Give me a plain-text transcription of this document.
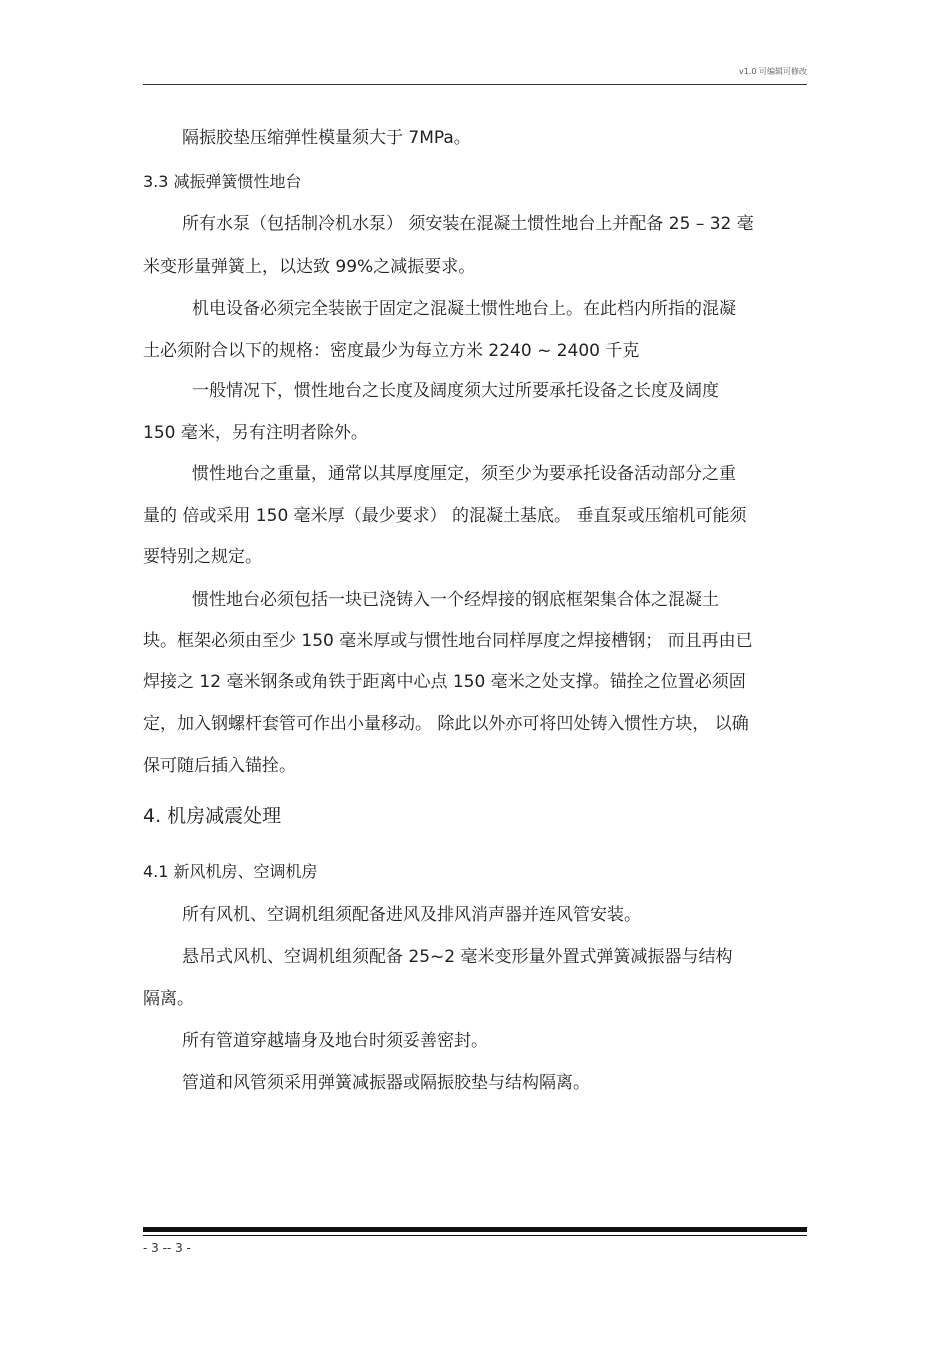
v1.0 可编辑可修改
隔振胶垫压缩弹性模量须大于 7MPa。
3.3 减振弹簧惯性地台
所有水泵（包括制冷机水泵） 须安装在混凝土惯性地台上并配备 25 – 32 毫
米变形量弹簧上，以达致 99%之减振要求。
机电设备必须完全装嵌于固定之混凝土惯性地台上。在此档内所指的混凝
土必须附合以下的规格：密度最少为每立方米 2240 ~ 2400 千克
一般情况下，惯性地台之长度及阔度须大过所要承托设备之长度及阔度
150 毫米，另有注明者除外。
惯性地台之重量，通常以其厚度厘定，须至少为要承托设备活动部分之重
量的 倍或采用 150 毫米厚（最少要求） 的混凝土基底。 垂直泵或压缩机可能须
要特别之规定。
惯性地台必须包括一块已浇铸入一个经焊接的钢底框架集合体之混凝土
块。框架必须由至少 150 毫米厚或与惯性地台同样厚度之焊接槽钢； 而且再由已
焊接之 12 毫米钢条或角铁于距离中心点 150 毫米之处支撑。锚拴之位置必须固
定，加入钢螺杆套管可作出小量移动。 除此以外亦可将凹处铸入惯性方块， 以确
保可随后插入锚拴。
4. 机房减震处理
4.1 新风机房、空调机房
所有风机、空调机组须配备进风及排风消声器并连风管安装。
悬吊式风机、空调机组须配备 25~2 毫米变形量外置式弹簧减振器与结构
隔离。
所有管道穿越墙身及地台时须妥善密封。
管道和风管须采用弹簧减振器或隔振胶垫与结构隔离。
- 3 -- 3 -
